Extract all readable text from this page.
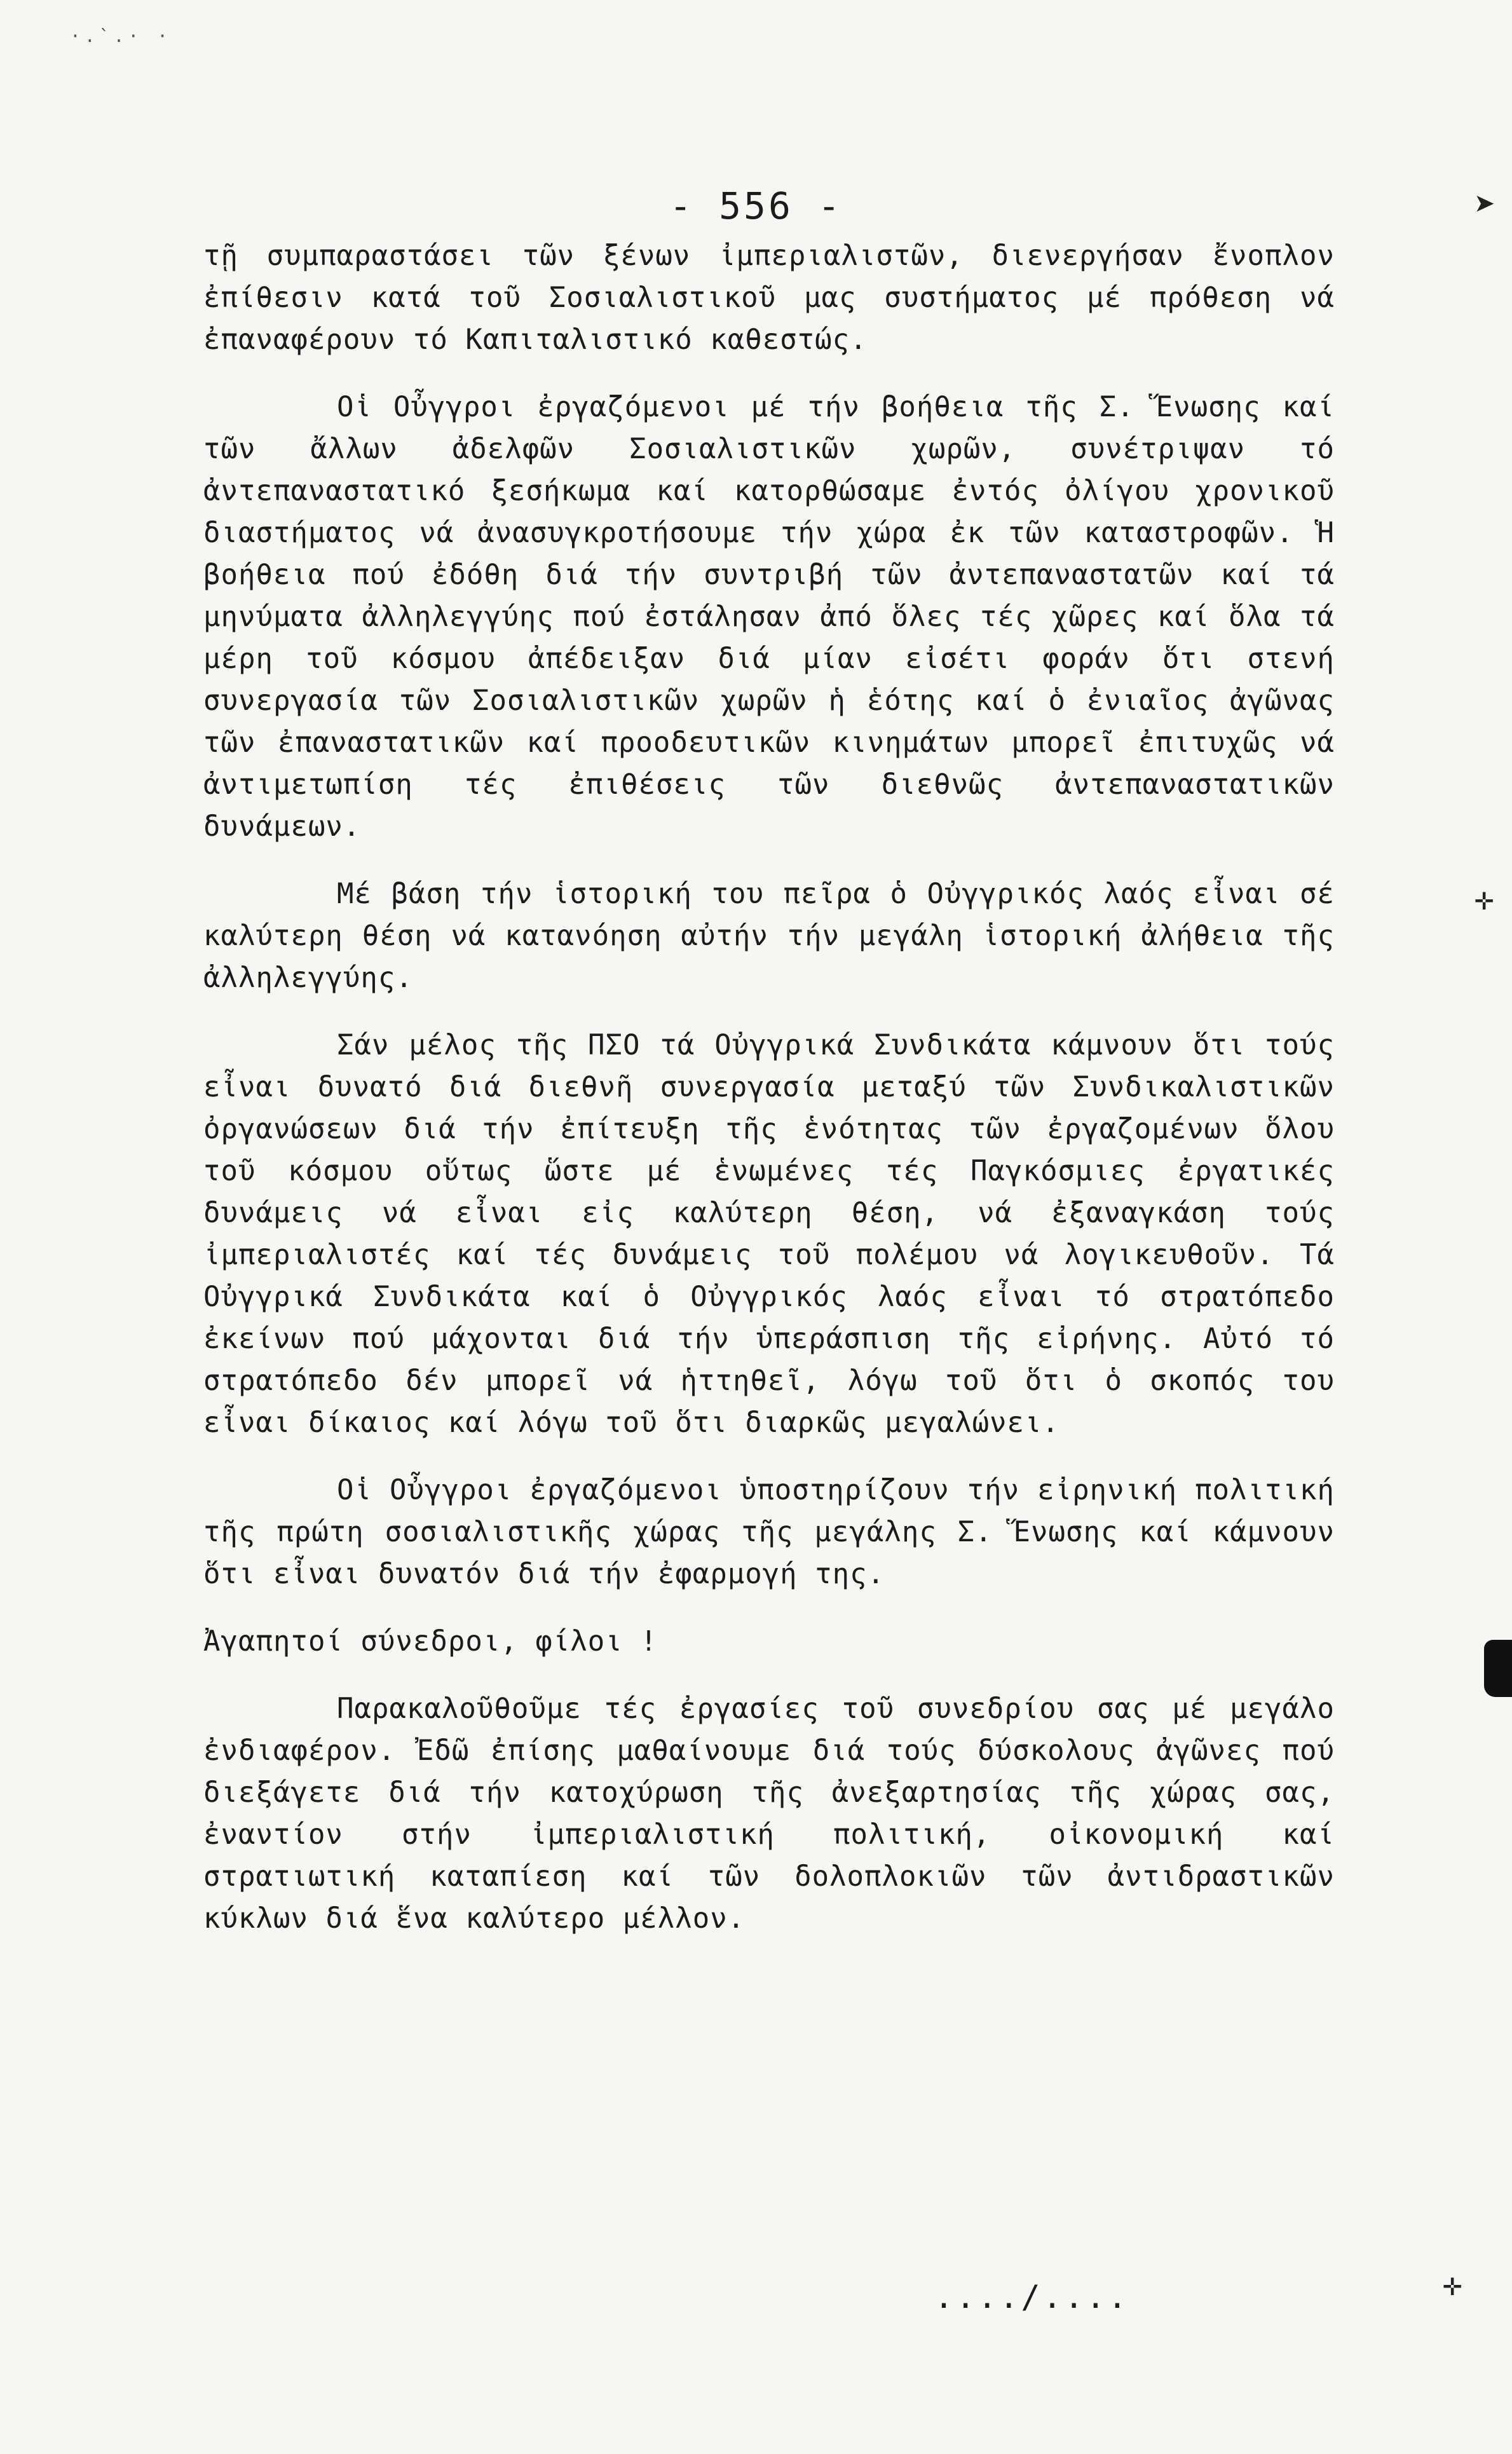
·.`.· ·
➤
✛
✛
- 556 -

τῇ συμπαραστάσει τῶν ξένων ἰμπεριαλιστῶν, διενεργήσαν ἔνοπλον ἐπίθεσιν κατά τοῦ Σοσιαλιστικοῦ μας συστήματος μέ πρόθεση νά ἐπαναφέρουν τό Καπιταλιστικό καθεστώς.

Οἱ Οὖγγροι ἐργαζόμενοι μέ τήν βοήθεια τῆς Σ. Ἕνωσης καί τῶν ἄλλων ἀδελφῶν Σοσιαλιστικῶν χωρῶν, συνέτριψαν τό ἀντεπαναστατικό ξεσήκωμα καί κατορθώσαμε ἐντός ὀλίγου χρονικοῦ διαστήματος νά ἀνασυγκροτήσουμε τήν χώρα ἐκ τῶν καταστροφῶν. Ἡ βοήθεια πού ἐδόθη διά τήν συντριβή τῶν ἀντεπαναστατῶν καί τά μηνύματα ἀλληλεγγύης πού ἐστάλησαν ἀπό ὅλες τές χῶρες καί ὅλα τά μέρη τοῦ κόσμου ἀπέδειξαν διά μίαν εἰσέτι φοράν ὅτι στενή συνεργασία τῶν Σοσιαλιστικῶν χωρῶν ἡ ἑότης καί ὁ ἐνιαῖος ἀγῶνας τῶν ἐπαναστατικῶν καί προοδευτικῶν κινημάτων μπορεῖ ἐπιτυχῶς νά ἀντιμετωπίση τές ἐπιθέσεις τῶν διεθνῶς ἀντεπαναστατικῶν δυνάμεων.

Μέ βάση τήν ἱστορική του πεῖρα ὁ Οὐγγρικός λαός εἶναι σέ καλύτερη θέση νά κατανόηση αὐτήν τήν μεγάλη ἱστορική ἀλήθεια τῆς ἀλληλεγγύης.

Σάν μέλος τῆς ΠΣΟ τά Οὐγγρικά Συνδικάτα κάμνουν ὅτι τούς εἶναι δυνατό διά διεθνῆ συνεργασία μεταξύ τῶν Συνδικαλιστικῶν ὀργανώσεων διά τήν ἐπίτευξη τῆς ἑνότητας τῶν ἐργαζομένων ὅλου τοῦ κόσμου οὕτως ὥστε μέ ἑνωμένες τές Παγκόσμιες ἐργατικές δυνάμεις νά εἶναι εἰς καλύτερη θέση, νά ἐξαναγκάση τούς ἰμπεριαλιστές καί τές δυνάμεις τοῦ πολέμου νά λογικευθοῦν. Τά Οὐγγρικά Συνδικάτα καί ὁ Οὐγγρικός λαός εἶναι τό στρατόπεδο ἐκείνων πού μάχονται διά τήν ὑπεράσπιση τῆς εἰρήνης. Αὐτό τό στρατόπεδο δέν μπορεῖ νά ἡττηθεῖ, λόγω τοῦ ὅτι ὁ σκοπός του εἶναι δίκαιος καί λόγω τοῦ ὅτι διαρκῶς μεγαλώνει.

Οἱ Οὖγγροι ἐργαζόμενοι ὑποστηρίζουν τήν εἰρηνική πολιτική τῆς πρώτη σοσιαλιστικῆς χώρας τῆς μεγάλης Σ. Ἕνωσης καί κάμνουν ὅτι εἶναι δυνατόν διά τήν ἐφαρμογή της.

Ἀγαπητοί σύνεδροι, φίλοι !

Παρακαλοῦθοῦμε τές ἐργασίες τοῦ συνεδρίου σας μέ μεγάλο ἐνδιαφέρον. Ἐδῶ ἐπίσης μαθαίνουμε διά τούς δύσκολους ἀγῶνες πού διεξάγετε διά τήν κατοχύρωση τῆς ἀνεξαρτησίας τῆς χώρας σας, ἐναντίον στήν ἰμπεριαλιστική πολιτική, οἰκονομική καί στρατιωτική καταπίεση καί τῶν δολοπλοκιῶν τῶν ἀντιδραστικῶν κύκλων διά ἕνα καλύτερο μέλλον.

..../....
